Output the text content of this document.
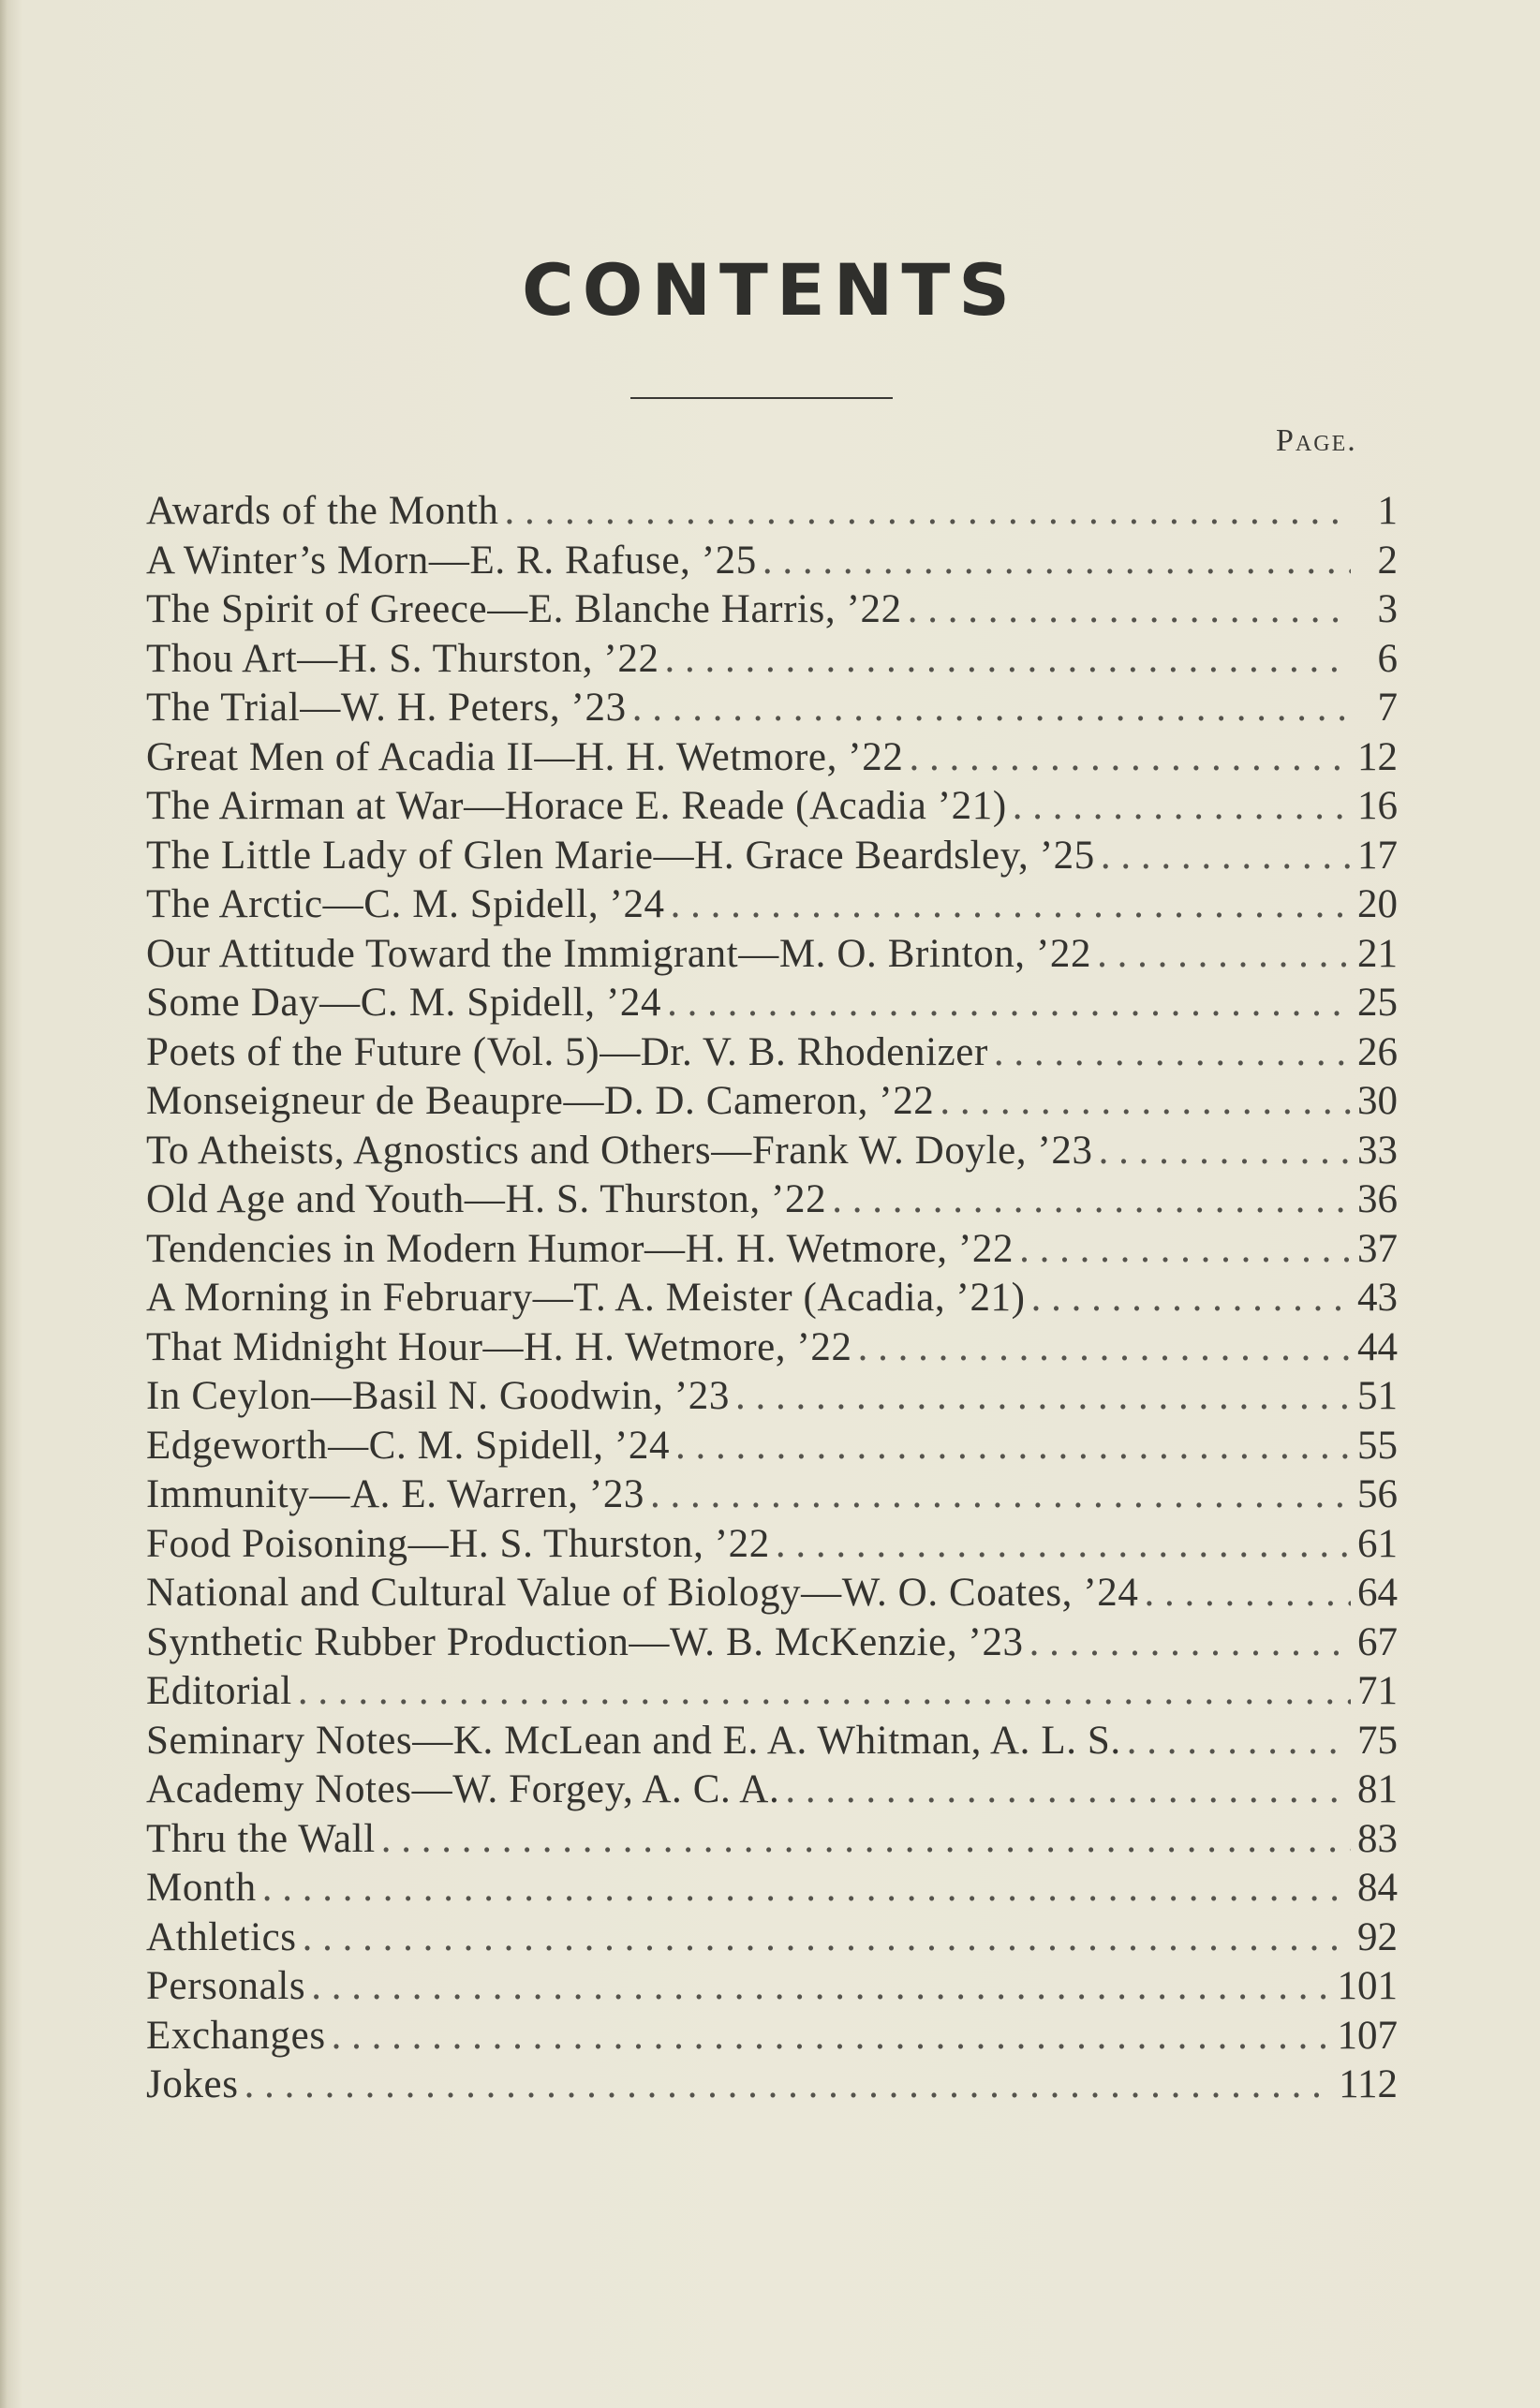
CONTENTS
Page.
Awards of the Month . . .	1
A Winter’s Morn—E. R. Rafuse, ’25 . . .	2
The Spirit of Greece—E. Blanche Harris, ’22 . . .	3
Thou Art—H. S. Thurston, ’22 . . .	6
The Trial—W. H. Peters, ’23 . . .	7
Great Men of Acadia II—H. H. Wetmore, ’22 . . .	12
The Airman at War—Horace E. Reade (Acadia ’21) . . .	16
The Little Lady of Glen Marie—H. Grace Beardsley, ’25 . . .	17
The Arctic—C. M. Spidell, ’24 . . .	20
Our Attitude Toward the Immigrant—M. O. Brinton, ’22 . . .	21
Some Day—C. M. Spidell, ’24 . . .	25
Poets of the Future (Vol. 5)—Dr. V. B. Rhodenizer . . .	26
Monseigneur de Beaupre—D. D. Cameron, ’22 . . .	30
To Atheists, Agnostics and Others—Frank W. Doyle, ’23 . . .	33
Old Age and Youth—H. S. Thurston, ’22 . . .	36
Tendencies in Modern Humor—H. H. Wetmore, ’22 . . .	37
A Morning in February—T. A. Meister (Acadia, ’21) . . .	43
That Midnight Hour—H. H. Wetmore, ’22 . . .	44
In Ceylon—Basil N. Goodwin, ’23 . . .	51
Edgeworth—C. M. Spidell, ’24 . . .	55
Immunity—A. E. Warren, ’23 . . .	56
Food Poisoning—H. S. Thurston, ’22 . . .	61
National and Cultural Value of Biology—W. O. Coates, ’24 . . .	64
Synthetic Rubber Production—W. B. McKenzie, ’23 . . .	67
Editorial . . .	71
Seminary Notes—K. McLean and E. A. Whitman, A. L. S. . . .	75
Academy Notes—W. Forgey, A. C. A. . . .	81
Thru the Wall . . .	83
Month . . .	84
Athletics . . .	92
Personals . . .	101
Exchanges . . .	107
Jokes . . .	112
